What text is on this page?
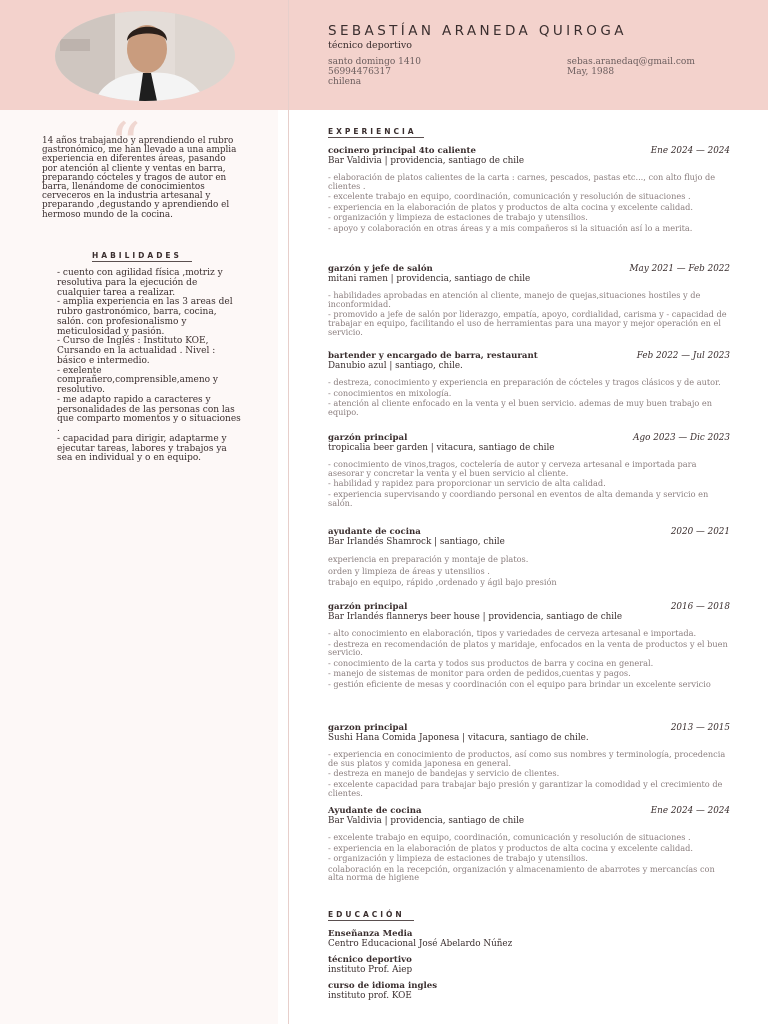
SEBASTÍAN ARANEDA QUIROGA
técnico deportivo
santo domingo 1410
56994476317
chilena
sebas.aranedaq@gmail.com
May, 1988
“
14 años trabajando y aprendiendo el rubro gastronómico, me han llevado a una amplia experiencia en diferentes áreas, pasando por atención al cliente y ventas en barra, preparando cócteles y tragos de autor en barra, llenándome de conocimientos cerveceros en la industria artesanal y preparando ,degustando y aprendiendo el hermoso mundo de la cocina.
HABILIDADES
- cuento con agilidad física ,motriz y resolutiva para la ejecución de cualquier tarea a realizar.
- amplia experiencia en las 3 areas del rubro gastronómico, barra, cocina, salón. con profesionalismo y meticulosidad y pasión.
- Curso de Inglés : Instituto KOE, Cursando en la actualidad . Nivel : básico e intermedio.
- exelente comprañero,comprensible,ameno y resolutivo.
- me adapto rapido a caracteres y personalidades de las personas con las que comparto momentos y o situaciones .
- capacidad para dirigir, adaptarme y ejecutar tareas, labores y trabajos ya sea en individual y o en equipo.
EXPERIENCIA
cocinero principal 4to caliente	Ene 2024 — 2024
Bar Valdivia | providencia, santiago de chile
- elaboración de platos calientes de la carta : carnes, pescados, pastas etc..., con alto flujo de clientes .
- excelente trabajo en equipo, coordinación, comunicación y resolución de situaciones .
- experiencia en la elaboración de platos y productos de alta cocina y excelente calidad.
- organización y limpieza de estaciones de trabajo y utensilios.
- apoyo y colaboración en otras áreas y a mis compañeros si la situación así lo a merita.
garzón y jefe de salón	May 2021 — Feb 2022
mitani ramen | providencia, santiago de chile
- habilidades aprobadas en atención al cliente, manejo de quejas,situaciones hostiles y de inconformidad.
- promovido a jefe de salón por liderazgo, empatía, apoyo, cordialidad, carisma y - capacidad de trabajar en equipo, facilitando el uso de herramientas para una mayor y mejor operación en el servicio.
bartender y encargado de barra, restaurant	Feb 2022 — Jul 2023
Danubio azul | santiago, chile.
- destreza, conocimiento y experiencia en preparación de cócteles y tragos clásicos y de autor.
- conocimientos en mixología.
- atención al cliente enfocado en la venta y el buen servicio. ademas de muy buen trabajo en equipo.
garzón principal	Ago 2023 — Dic 2023
tropicalia beer garden | vitacura, santiago de chile
- conocimiento de vinos,tragos, coctelería de autor y cerveza artesanal e importada para asesorar y concretar la venta y el buen servicio al cliente.
- habilidad y rapidez para proporcionar un servicio de alta calidad.
- experiencia supervisando y coordiando personal en eventos de alta demanda y servicio en salón.
ayudante de cocina	2020 — 2021
Bar Irlandés Shamrock | santiago, chile
experiencia en preparación y montaje de platos.
orden y limpieza de áreas y utensilios .
trabajo en equipo, rápido ,ordenado y ágil bajo presión
garzón principal	2016 — 2018
Bar Irlandés flannerys beer house | providencia, santiago de chile
- alto conocimiento en elaboración, tipos y variedades de cerveza artesanal e importada.
- destreza en recomendación de platos y maridaje, enfocados en la venta de productos y el buen servicio.
- conocimiento de la carta y todos sus productos de barra y cocina en general.
- manejo de sistemas de monitor para orden de pedidos,cuentas y pagos.
- gestión eficiente de mesas y coordinación con el equipo para brindar un excelente servicio
garzon principal	2013 — 2015
Sushi Hana Comida Japonesa | vitacura, santiago de chile.
- experiencia en conocimiento de productos, así como sus nombres y terminología, procedencia de sus platos y comida japonesa en general.
- destreza en manejo de bandejas y servicio de clientes.
- excelente capacidad para trabajar bajo presión y garantizar la comodidad y el crecimiento de clientes.
Ayudante de cocina	Ene 2024 — 2024
Bar Valdivia | providencia, santiago de chile
- excelente trabajo en equipo, coordinación, comunicación y resolución de situaciones .
- experiencia en la elaboración de platos y productos de alta cocina y excelente calidad.
- organización y limpieza de estaciones de trabajo y utensilios.
colaboración en la recepción, organización y almacenamiento de abarrotes y mercancías con alta norma de higiene
EDUCACIÓN
Enseñanza Media
Centro Educacional José Abelardo Núñez
técnico deportivo
instituto Prof. Aiep
curso de idioma ingles
instituto prof. KOE
